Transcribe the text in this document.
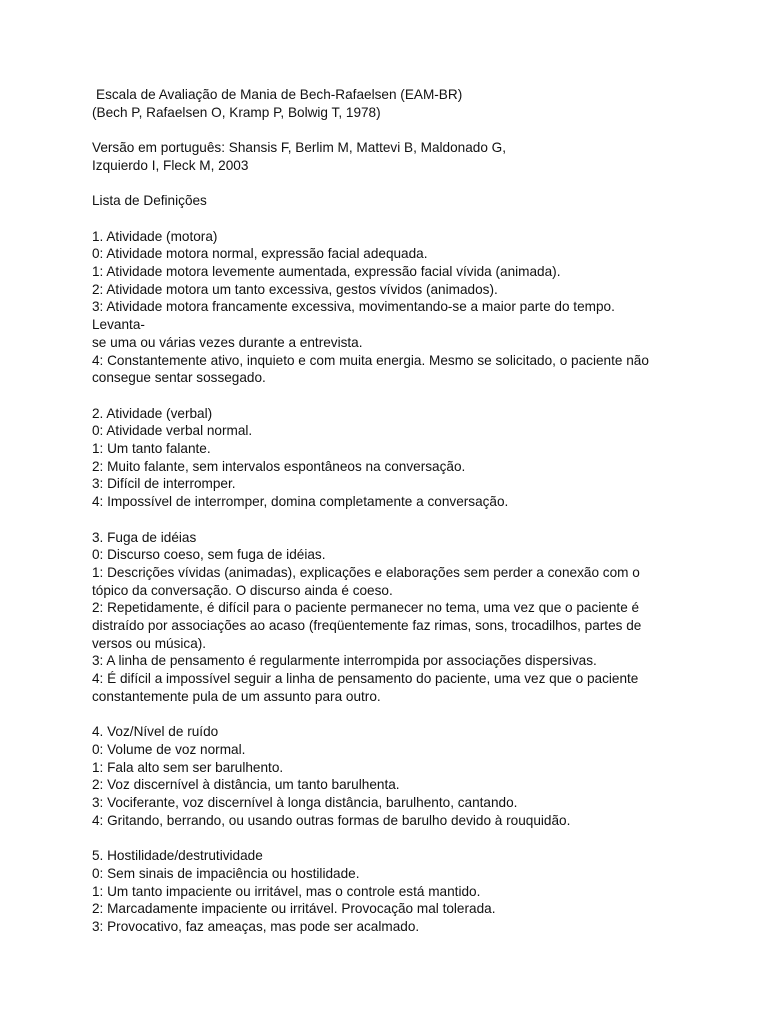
Escala de Avaliação de Mania de Bech-Rafaelsen (EAM-BR)
(Bech P, Rafaelsen O, Kramp P, Bolwig T, 1978)
Versão em português: Shansis F, Berlim M, Mattevi B, Maldonado G,
Izquierdo I, Fleck M, 2003
Lista de Definições
1. Atividade (motora)
0: Atividade motora normal, expressão facial adequada.
1: Atividade motora levemente aumentada, expressão facial vívida (animada).
2: Atividade motora um tanto excessiva, gestos vívidos (animados).
3: Atividade motora francamente excessiva, movimentando-se a maior parte do tempo.
Levanta-
se uma ou várias vezes durante a entrevista.
4: Constantemente ativo, inquieto e com muita energia. Mesmo se solicitado, o paciente não
consegue sentar sossegado.
2. Atividade (verbal)
0: Atividade verbal normal.
1: Um tanto falante.
2: Muito falante, sem intervalos espontâneos na conversação.
3: Difícil de interromper.
4: Impossível de interromper, domina completamente a conversação.
3. Fuga de idéias
0: Discurso coeso, sem fuga de idéias.
1: Descrições vívidas (animadas), explicações e elaborações sem perder a conexão com o
tópico da conversação. O discurso ainda é coeso.
2: Repetidamente, é difícil para o paciente permanecer no tema, uma vez que o paciente é
distraído por associações ao acaso (freqüentemente faz rimas, sons, trocadilhos, partes de
versos ou música).
3: A linha de pensamento é regularmente interrompida por associações dispersivas.
4: É difícil a impossível seguir a linha de pensamento do paciente, uma vez que o paciente
constantemente pula de um assunto para outro.
4. Voz/Nível de ruído
0: Volume de voz normal.
1: Fala alto sem ser barulhento.
2: Voz discernível à distância, um tanto barulhenta.
3: Vociferante, voz discernível à longa distância, barulhento, cantando.
4: Gritando, berrando, ou usando outras formas de barulho devido à rouquidão.
5. Hostilidade/destrutividade
0: Sem sinais de impaciência ou hostilidade.
1: Um tanto impaciente ou irritável, mas o controle está mantido.
2: Marcadamente impaciente ou irritável. Provocação mal tolerada.
3: Provocativo, faz ameaças, mas pode ser acalmado.
